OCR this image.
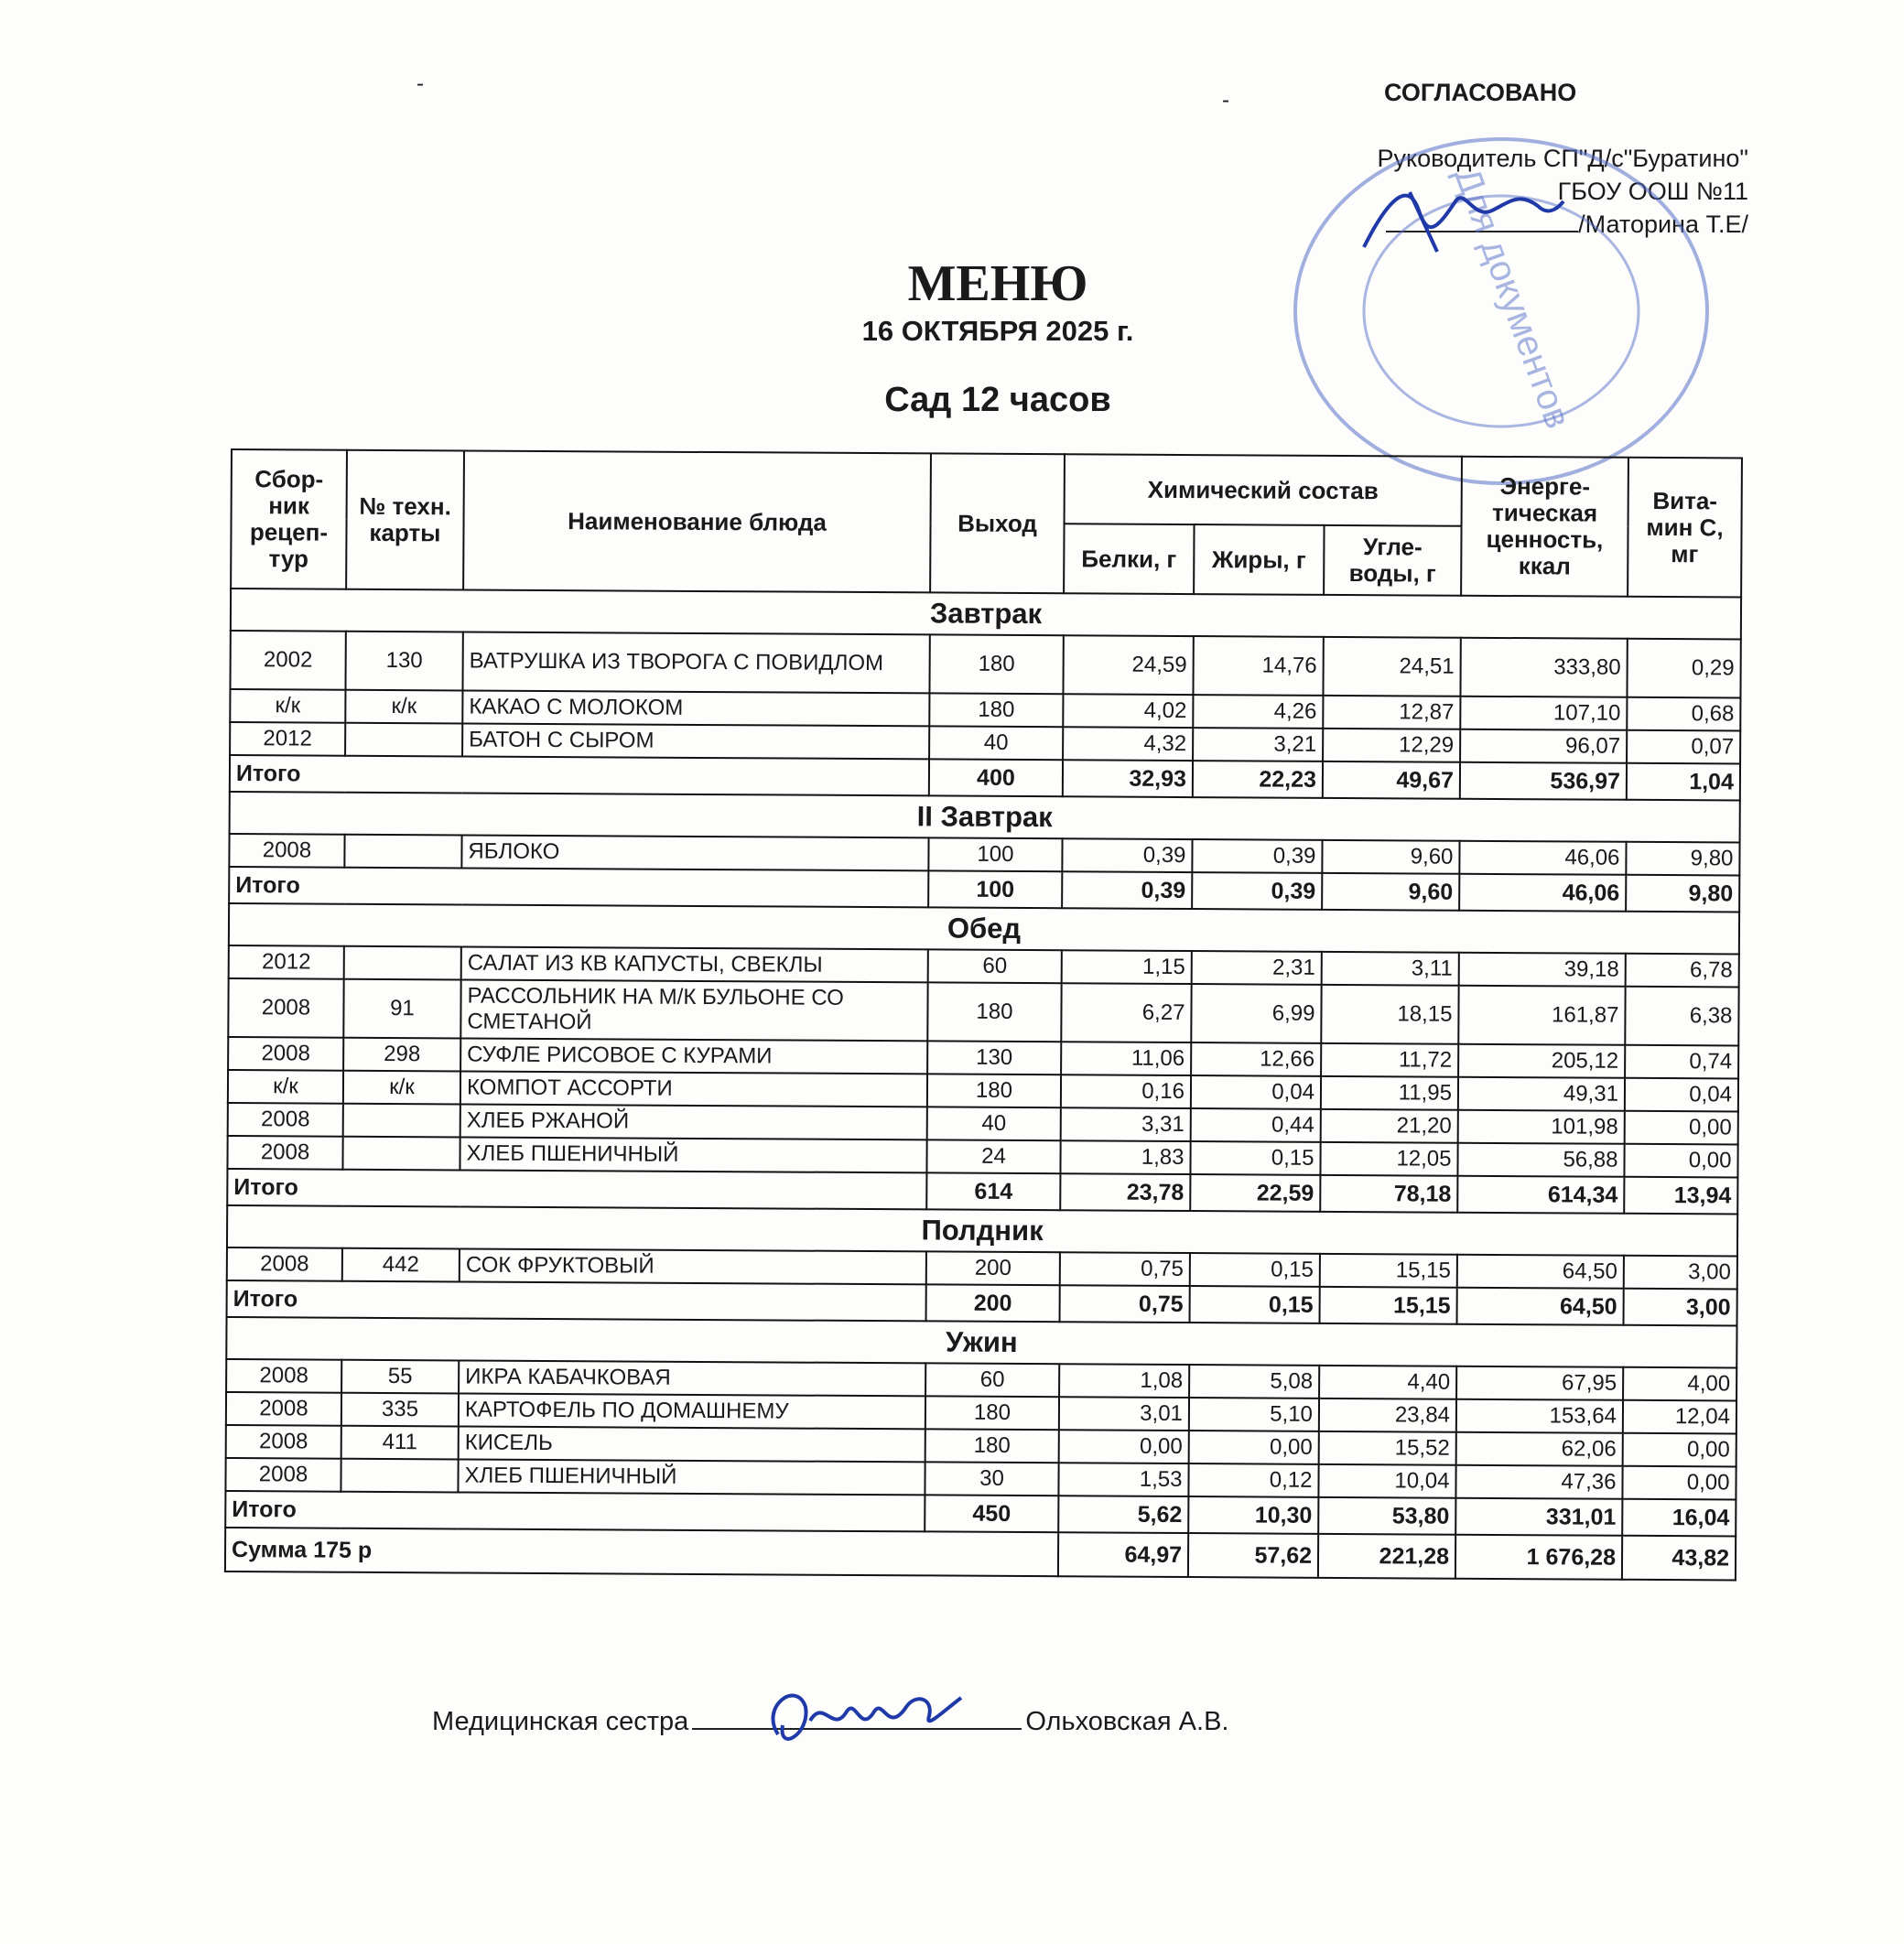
-
-	СОГЛАСОВАНО
Руководитель СП"Д/с"Буратино"
ГБОУ ООШ №11
/Маторина Т.Е/
Для документов
МЕНЮ
16 ОКТЯБРЯ 2025 г.
Сад 12 часов
Сбор-ник рецеп-тур	№ техн. карты	Наименование блюда	Выход	Химический состав			Энерге-тическая ценность, ккал	Вита-мин С, мг
				Белки, г	Жиры, г	Угле-воды, г		
Завтрак								
2002	130	ВАТРУШКА ИЗ ТВОРОГА С ПОВИДЛОМ	180	24,59	14,76	24,51	333,80	0,29
к/к	к/к	КАКАО С МОЛОКОМ	180	4,02	4,26	12,87	107,10	0,68
2012		БАТОН С СЫРОМ	40	4,32	3,21	12,29	96,07	0,07
Итого			400	32,93	22,23	49,67	536,97	1,04
II Завтрак								
2008		ЯБЛОКО	100	0,39	0,39	9,60	46,06	9,80
Итого			100	0,39	0,39	9,60	46,06	9,80
Обед								
2012		САЛАТ ИЗ КВ КАПУСТЫ, СВЕКЛЫ	60	1,15	2,31	3,11	39,18	6,78
2008	91	РАССОЛЬНИК НА М/К БУЛЬОНЕ СО СМЕТАНОЙ	180	6,27	6,99	18,15	161,87	6,38
2008	298	СУФЛЕ РИСОВОЕ С КУРАМИ	130	11,06	12,66	11,72	205,12	0,74
к/к	к/к	КОМПОТ АССОРТИ	180	0,16	0,04	11,95	49,31	0,04
2008		ХЛЕБ РЖАНОЙ	40	3,31	0,44	21,20	101,98	0,00
2008		ХЛЕБ ПШЕНИЧНЫЙ	24	1,83	0,15	12,05	56,88	0,00
Итого			614	23,78	22,59	78,18	614,34	13,94
Полдник								
2008	442	СОК ФРУКТОВЫЙ	200	0,75	0,15	15,15	64,50	3,00
Итого			200	0,75	0,15	15,15	64,50	3,00
Ужин								
2008	55	ИКРА КАБАЧКОВАЯ	60	1,08	5,08	4,40	67,95	4,00
2008	335	КАРТОФЕЛЬ ПО ДОМАШНЕМУ	180	3,01	5,10	23,84	153,64	12,04
2008	411	КИСЕЛЬ	180	0,00	0,00	15,52	62,06	0,00
2008		ХЛЕБ ПШЕНИЧНЫЙ	30	1,53	0,12	10,04	47,36	0,00
Итого			450	5,62	10,30	53,80	331,01	16,04
Сумма 175 р				64,97	57,62	221,28	1 676,28	43,82
Медицинская сестра	Ольховская А.В.
